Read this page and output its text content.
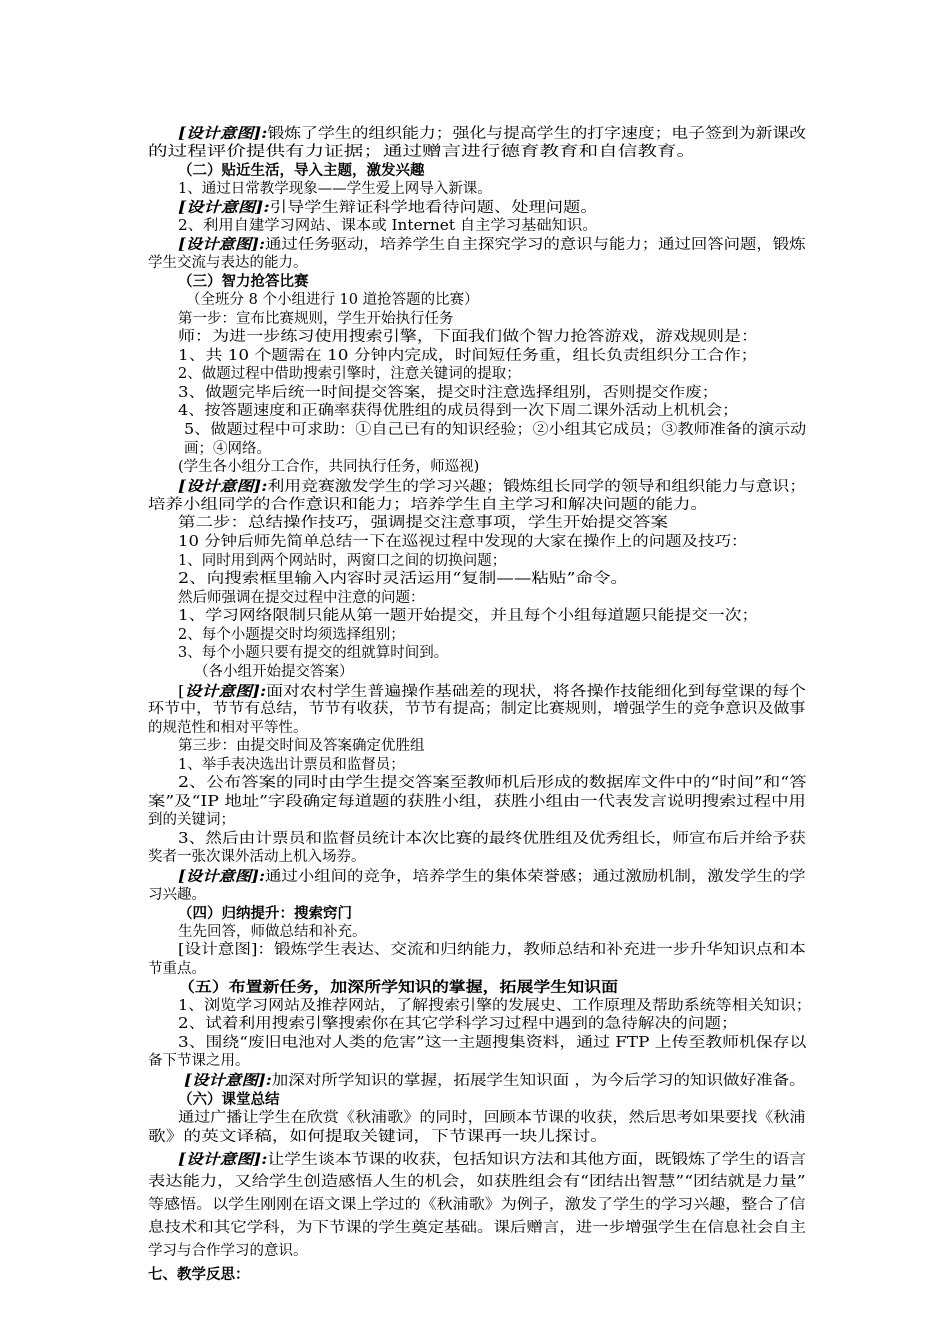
[设计意图]:锻炼了学生的组织能力；强化与提高学生的打字速度；电子签到为新课改
的过程评价提供有力证据；通过赠言进行德育教育和自信教育。
（二）贴近生活，导入主题，激发兴趣
1、通过日常教学现象——学生爱上网导入新课。
[设计意图]:引导学生辩证科学地看待问题、处理问题。
2、利用自建学习网站、课本或 Internet 自主学习基础知识。
[设计意图]:通过任务驱动，培养学生自主探究学习的意识与能力；通过回答问题，锻炼
学生交流与表达的能力。
（三）智力抢答比赛
（全班分 8 个小组进行 10 道抢答题的比赛）
第一步：宣布比赛规则，学生开始执行任务
师：为进一步练习使用搜索引擎，下面我们做个智力抢答游戏，游戏规则是：
1、共 10 个题需在 10 分钟内完成，时间短任务重，组长负责组织分工合作；
2、做题过程中借助搜索引擎时，注意关键词的提取；
3、做题完毕后统一时间提交答案，提交时注意选择组别，否则提交作废；
4、按答题速度和正确率获得优胜组的成员得到一次下周二课外活动上机机会；
5、做题过程中可求助：①自己已有的知识经验；②小组其它成员；③教师准备的演示动
画；④网络。
(学生各小组分工合作，共同执行任务，师巡视)
[设计意图]:利用竞赛激发学生的学习兴趣；锻炼组长同学的领导和组织能力与意识；
培养小组同学的合作意识和能力；培养学生自主学习和解决问题的能力。
第二步：总结操作技巧，强调提交注意事项，学生开始提交答案
10 分钟后师先简单总结一下在巡视过程中发现的大家在操作上的问题及技巧：
1、同时用到两个网站时，两窗口之间的切换问题；
2、向搜索框里输入内容时灵活运用“复制——粘贴”命令。
然后师强调在提交过程中注意的问题：
1、学习网络限制只能从第一题开始提交，并且每个小组每道题只能提交一次；
2、每个小题提交时均须选择组别；
3、每个小题只要有提交的组就算时间到。
（各小组开始提交答案）
[设计意图]:面对农村学生普遍操作基础差的现状，将各操作技能细化到每堂课的每个
环节中，节节有总结，节节有收获，节节有提高；制定比赛规则，增强学生的竞争意识及做事
的规范性和相对平等性。
第三步：由提交时间及答案确定优胜组
1、举手表决选出计票员和监督员；
2、公布答案的同时由学生提交答案至教师机后形成的数据库文件中的“时间”和“答
案”及“IP 地址”字段确定每道题的获胜小组，获胜小组由一代表发言说明搜索过程中用
到的关键词；
3、然后由计票员和监督员统计本次比赛的最终优胜组及优秀组长，师宣布后并给予获
奖者一张次课外活动上机入场券。
[设计意图]:通过小组间的竞争，培养学生的集体荣誉感；通过激励机制，激发学生的学
习兴趣。
（四）归纳提升：搜索窍门
生先回答，师做总结和补充。
[设计意图]：锻炼学生表达、交流和归纳能力，教师总结和补充进一步升华知识点和本
节重点。
（五）布置新任务，加深所学知识的掌握，拓展学生知识面
1、浏览学习网站及推荐网站，了解搜索引擎的发展史、工作原理及帮助系统等相关知识；
2、试着利用搜索引擎搜索你在其它学科学习过程中遇到的急待解决的问题；
3、围绕“废旧电池对人类的危害”这一主题搜集资料，通过 FTP 上传至教师机保存以
备下节课之用。
[设计意图]:加深对所学知识的掌握，拓展学生知识面 ，为今后学习的知识做好准备。
（六）课堂总结
通过广播让学生在欣赏《秋浦歌》的同时，回顾本节课的收获，然后思考如果要找《秋浦
歌》的英文译稿，如何提取关键词，下节课再一块儿探讨。
[设计意图]:让学生谈本节课的收获，包括知识方法和其他方面，既锻炼了学生的语言
表达能力，又给学生创造感悟人生的机会，如获胜组会有“团结出智慧”“团结就是力量”
等感悟。以学生刚刚在语文课上学过的《秋浦歌》为例子，激发了学生的学习兴趣，整合了信
息技术和其它学科，为下节课的学生奠定基础。课后赠言，进一步增强学生在信息社会自主
学习与合作学习的意识。
七、教学反思：
